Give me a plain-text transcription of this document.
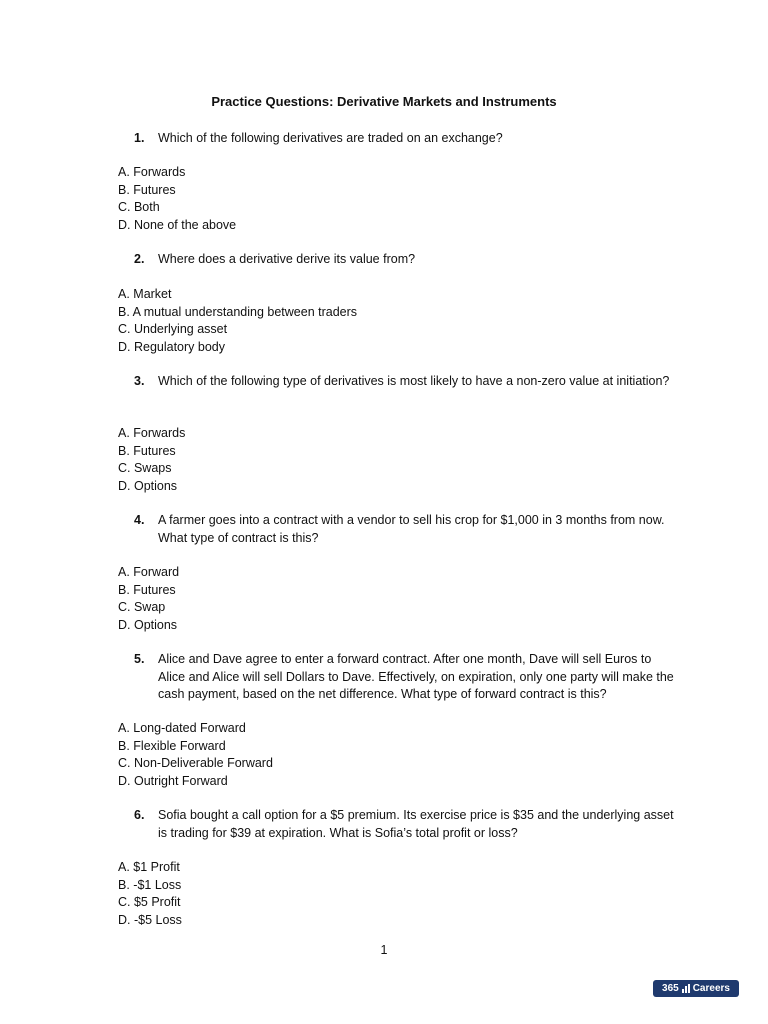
Practice Questions: Derivative Markets and Instruments
1. Which of the following derivatives are traded on an exchange?
A. Forwards
B. Futures
C. Both
D. None of the above
2. Where does a derivative derive its value from?
A. Market
B. A mutual understanding between traders
C. Underlying asset
D. Regulatory body
3. Which of the following type of derivatives is most likely to have a non-zero value at initiation?
A. Forwards
B. Futures
C. Swaps
D. Options
4. A farmer goes into a contract with a vendor to sell his crop for $1,000 in 3 months from now. What type of contract is this?
A. Forward
B. Futures
C. Swap
D. Options
5. Alice and Dave agree to enter a forward contract. After one month, Dave will sell Euros to Alice and Alice will sell Dollars to Dave. Effectively, on expiration, only one party will make the cash payment, based on the net difference. What type of forward contract is this?
A. Long-dated Forward
B. Flexible Forward
C. Non-Deliverable Forward
D. Outright Forward
6. Sofia bought a call option for a $5 premium. Its exercise price is $35 and the underlying asset is trading for $39 at expiration. What is Sofia’s total profit or loss?
A. $1 Profit
B. -$1 Loss
C. $5 Profit
D. -$5 Loss
1
365 Careers
